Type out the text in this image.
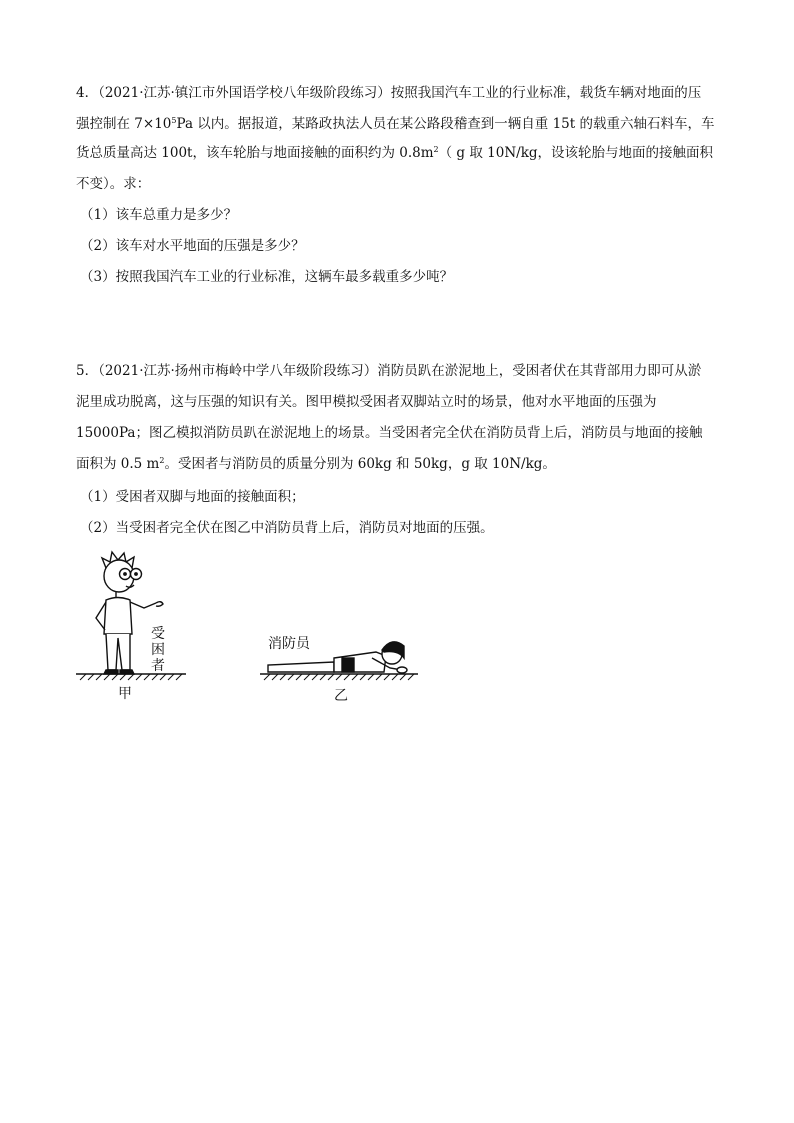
4．（2021·江苏·镇江市外国语学校八年级阶段练习）按照我国汽车工业的行业标准，载货车辆对地面的压
强控制在 $7\times 10^5Pa$ 以内。据报道，某路政执法人员在某公路段稽查到一辆自重 15t 的载重六轴石料车，车
货总质量高达 100t，该车轮胎与地面接触的面积约为 $0.8m^2$（ g 取 10N/kg，设该轮胎与地面的接触面积
不变）。求：
（1）该车总重力是多少？
（2）该车对水平地面的压强是多少？
（3）按照我国汽车工业的行业标准，这辆车最多载重多少吨？
5．（2021·江苏·扬州市梅岭中学八年级阶段练习）消防员趴在淤泥地上，受困者伏在其背部用力即可从淤
泥里成功脱离，这与压强的知识有关。图甲模拟受困者双脚站立时的场景，他对水平地面的压强为
15000Pa；图乙模拟消防员趴在淤泥地上的场景。当受困者完全伏在消防员背上后，消防员与地面的接触
面积为 0.5 $m^2$。受困者与消防员的质量分别为 60kg 和 50kg，g 取 10N/kg。
（1）受困者双脚与地面的接触面积；
（2）当受困者完全伏在图乙中消防员背上后，消防员对地面的压强。
受
困
者
消防员
甲	乙
